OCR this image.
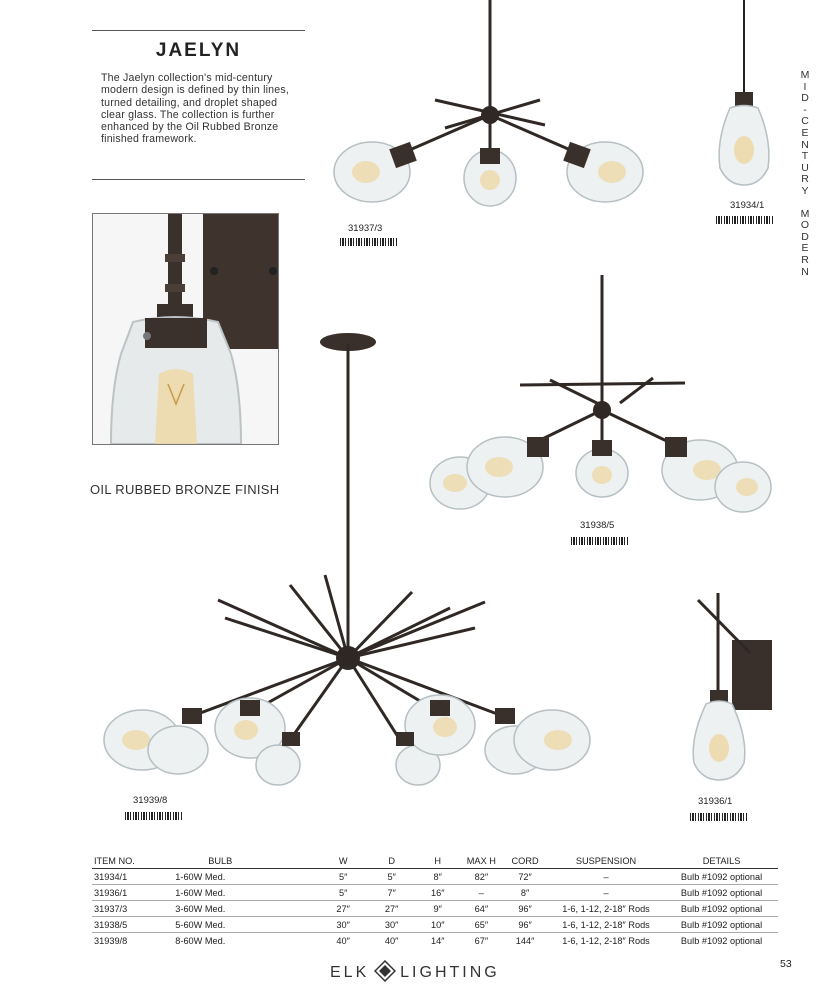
JAELYN
The Jaelyn collection's mid-century modern design is defined by thin lines, turned detailing, and droplet shaped clear glass. The collection is further enhanced by the Oil Rubbed Bronze finished framework.
M
I
D
-
C
E
N
T
U
R
Y
M
O
D
E
R
N
OIL RUBBED BRONZE FINISH
31937/3
31934/1
31938/5
31939/8	31936/1
ITEM NO.	BULB	W	D	H	MAX H	CORD	SUSPENSION	DETAILS
31934/1	1-60W Med.	5″	5″	8″	82″	72″	–	Bulb #1092 optional
31936/1	1-60W Med.	5″	7″	16″	–	8″	–	Bulb #1092 optional
31937/3	3-60W Med.	27″	27″	9″	64″	96″	1-6, 1-12, 2-18″ Rods	Bulb #1092 optional
31938/5	5-60W Med.	30″	30″	10″	65″	96″	1-6, 1-12, 2-18″ Rods	Bulb #1092 optional
31939/8	8-60W Med.	40″	40″	14″	67″	144″	1-6, 1-12, 2-18″ Rods	Bulb #1092 optional
ELK LIGHTING
53
